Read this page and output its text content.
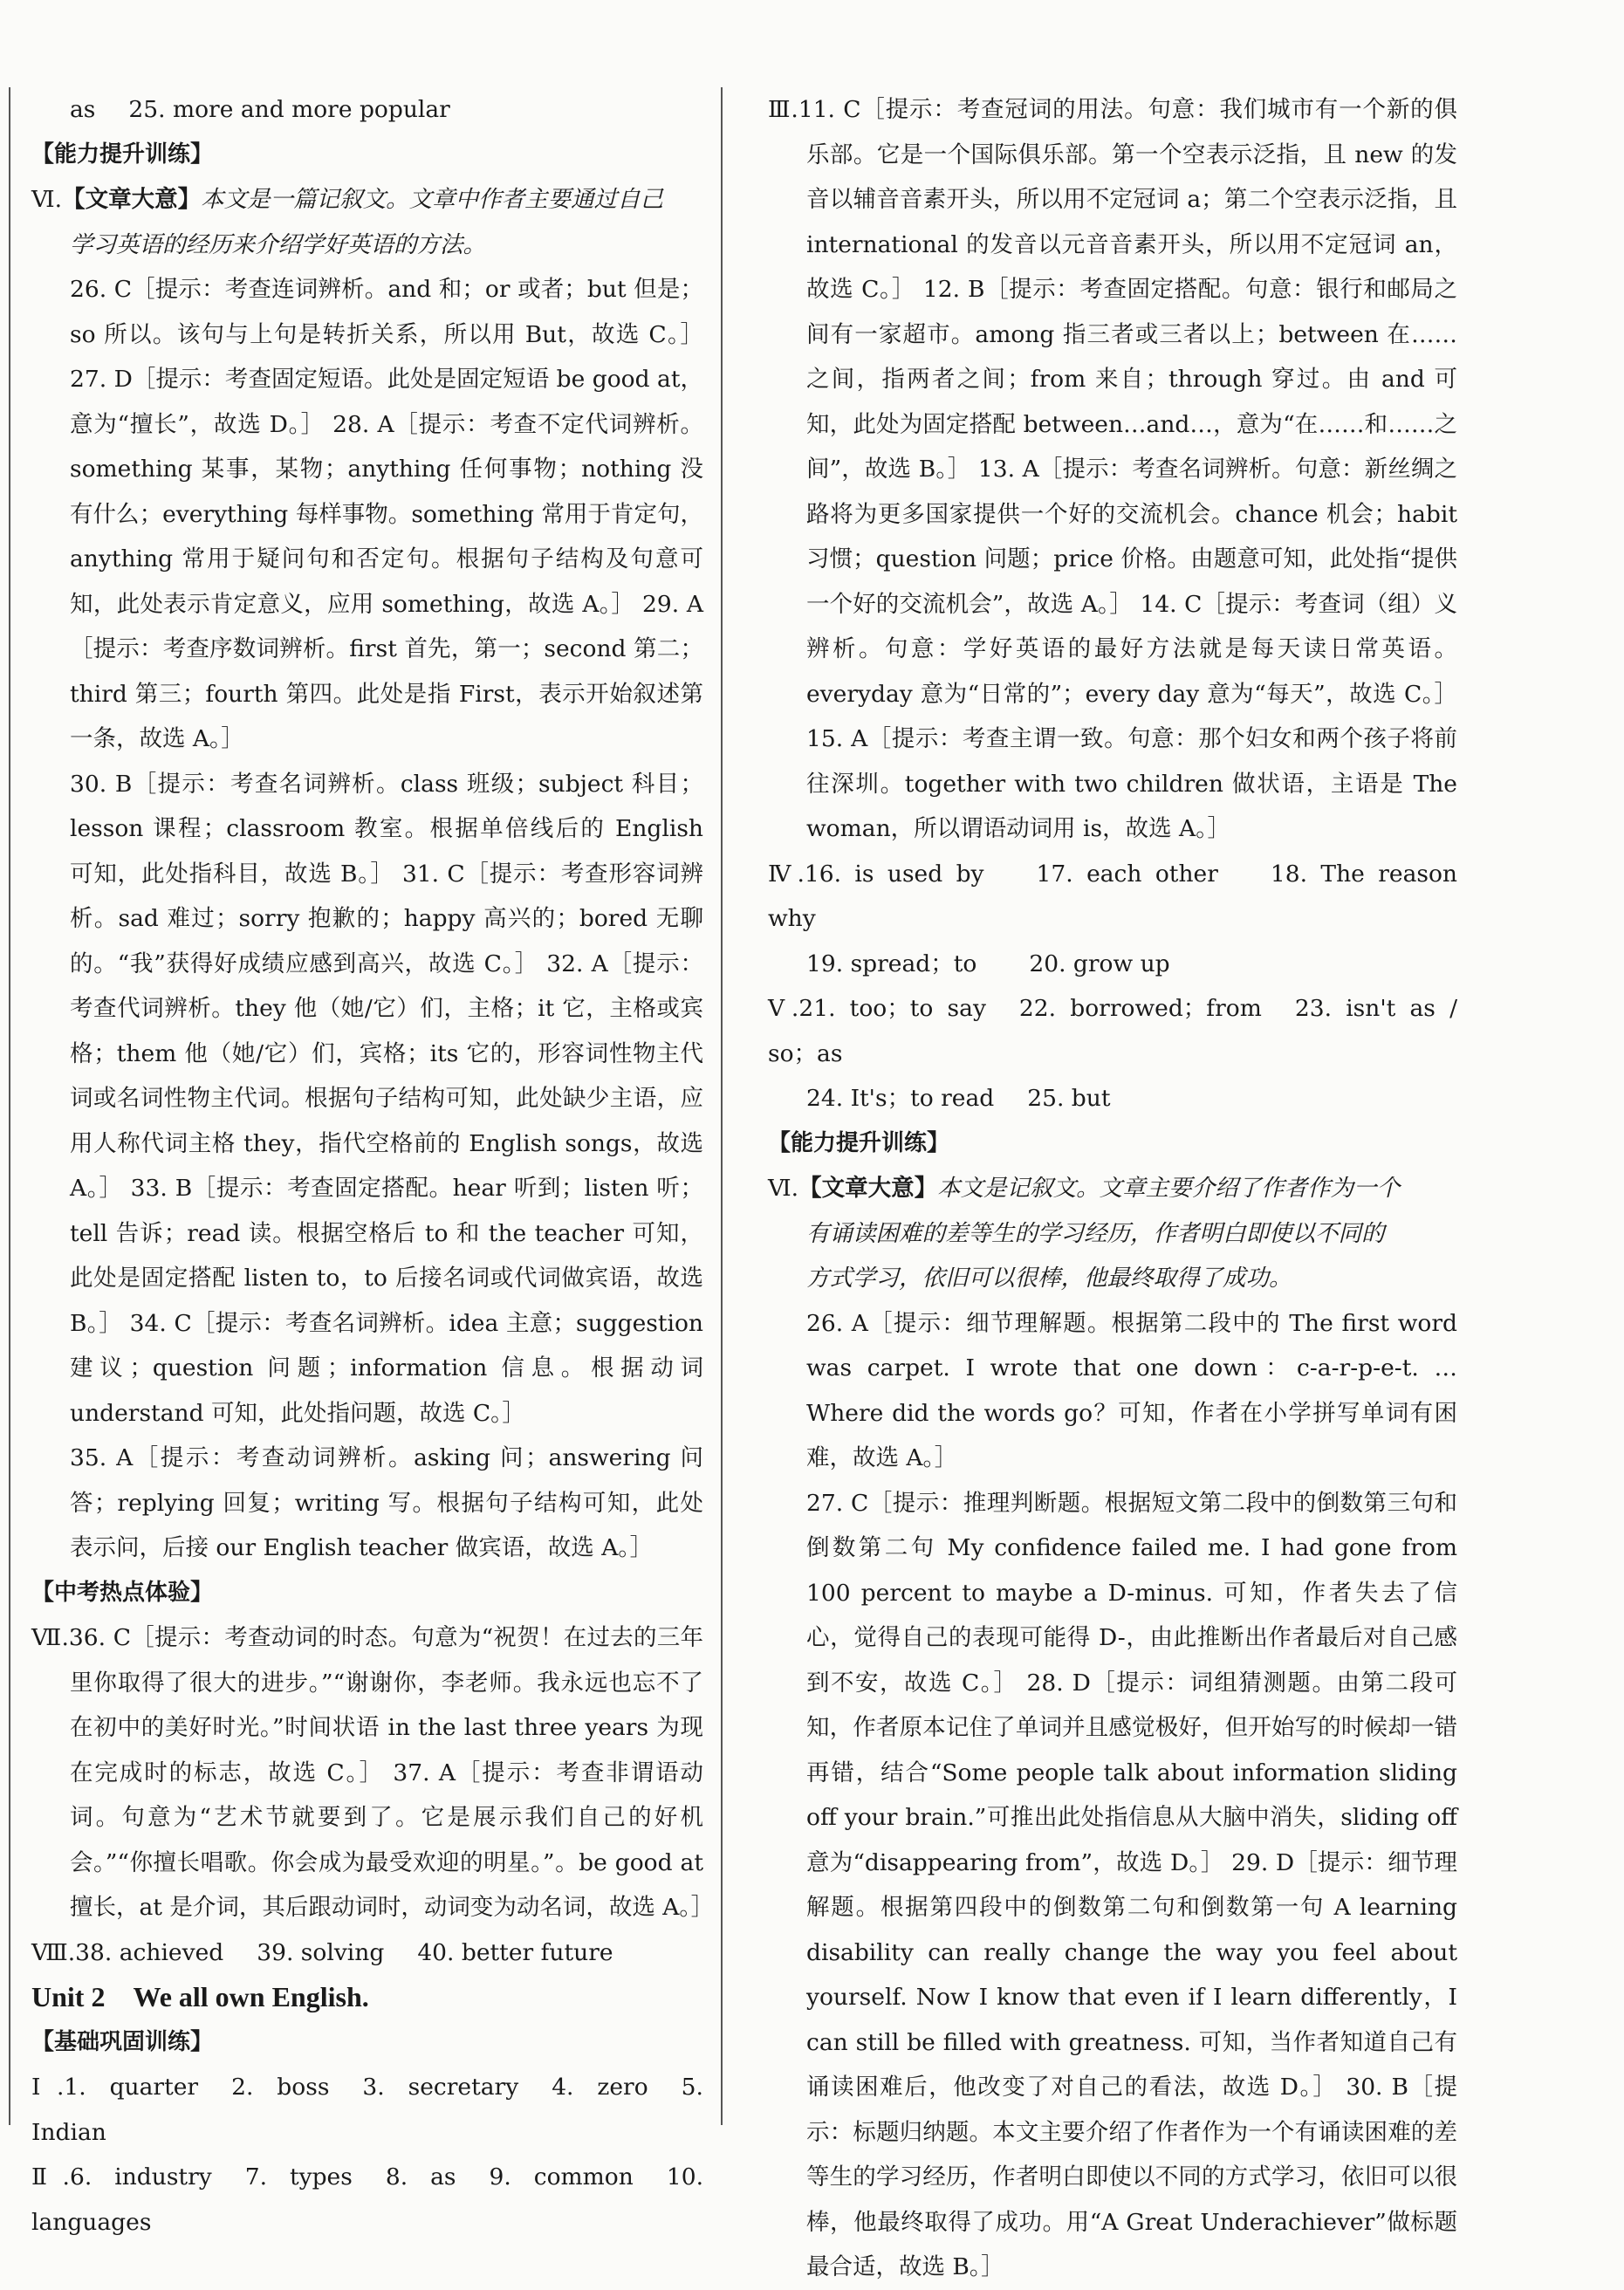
as 25. more and more popular

【能力提升训练】

Ⅵ.【文章大意】本文是一篇记叙文。文章中作者主要通过自己
学习英语的经历来介绍学好英语的方法。

26. C［提示：考查连词辨析。and 和；or 或者；but 但是；so 所以。该句与上句是转折关系，所以用 But，故选 C。］ 27. D［提示：考查固定短语。此处是固定短语 be good at，意为“擅长”，故选 D。］ 28. A［提示：考查不定代词辨析。something 某事，某物；anything 任何事物；nothing 没有什么；everything 每样事物。something 常用于肯定句，anything 常用于疑问句和否定句。根据句子结构及句意可知，此处表示肯定意义，应用 something，故选 A。］ 29. A［提示：考查序数词辨析。first 首先，第一；second 第二；third 第三；fourth 第四。此处是指 First，表示开始叙述第一条，故选 A。］

30. B［提示：考查名词辨析。class 班级；subject 科目；lesson 课程；classroom 教室。根据单倍线后的 English 可知，此处指科目，故选 B。］ 31. C［提示：考查形容词辨析。sad 难过；sorry 抱歉的；happy 高兴的；bored 无聊的。“我”获得好成绩应感到高兴，故选 C。］ 32. A［提示：考查代词辨析。they 他（她/它）们，主格；it 它，主格或宾格；them 他（她/它）们，宾格；its 它的，形容词性物主代词或名词性物主代词。根据句子结构可知，此处缺少主语，应用人称代词主格 they，指代空格前的 English songs，故选 A。］ 33. B［提示：考查固定搭配。hear 听到；listen 听；tell 告诉；read 读。根据空格后 to 和 the teacher 可知，此处是固定搭配 listen to，to 后接名词或代词做宾语，故选 B。］ 34. C［提示：考查名词辨析。idea 主意；suggestion 建议；question 问题；information 信息。根据动词 understand 可知，此处指问题，故选 C。］

35. A［提示：考查动词辨析。asking 问；answering 问答；replying 回复；writing 写。根据句子结构可知，此处表示问，后接 our English teacher 做宾语，故选 A。］

【中考热点体验】

Ⅶ.36. C［提示：考查动词的时态。句意为“祝贺！在过去的三年里你取得了很大的进步。”“谢谢你，李老师。我永远也忘不了在初中的美好时光。”时间状语 in the last three years 为现在完成时的标志，故选 C。］ 37. A［提示：考查非谓语动词。句意为“艺术节就要到了。它是展示我们自己的好机会。”“你擅长唱歌。你会成为最受欢迎的明星。”。be good at 擅长，at 是介词，其后跟动词时，动词变为动名词，故选 A。］

Ⅷ.38. achieved 39. solving 40. better future

Unit 2　We all own English.

【基础巩固训练】

Ⅰ.1. quarter 2. boss 3. secretary 4. zero 5. Indian

Ⅱ.6. industry 7. types 8. as 9. common 10. languages

Ⅲ.11. C［提示：考查冠词的用法。句意：我们城市有一个新的俱乐部。它是一个国际俱乐部。第一个空表示泛指，且 new 的发音以辅音音素开头，所以用不定冠词 a；第二个空表示泛指，且 international 的发音以元音音素开头，所以用不定冠词 an，故选 C。］ 12. B［提示：考查固定搭配。句意：银行和邮局之间有一家超市。among 指三者或三者以上；between 在……之间，指两者之间；from 来自；through 穿过。由 and 可知，此处为固定搭配 between…and…，意为“在……和……之间”，故选 B。］ 13. A［提示：考查名词辨析。句意：新丝绸之路将为更多国家提供一个好的交流机会。chance 机会；habit 习惯；question 问题；price 价格。由题意可知，此处指“提供一个好的交流机会”，故选 A。］ 14. C［提示：考查词（组）义辨析。句意：学好英语的最好方法就是每天读日常英语。everyday 意为“日常的”；every day 意为“每天”，故选 C。］ 15. A［提示：考查主谓一致。句意：那个妇女和两个孩子将前往深圳。together with two children 做状语，主语是 The woman，所以谓语动词用 is，故选 A。］

Ⅳ.16. is used by 17. each other 18. The reason why

19. spread；to 20. grow up

Ⅴ.21. too；to say 22. borrowed；from 23. isn't as / so；as

24. It's；to read 25. but

【能力提升训练】

Ⅵ.【文章大意】本文是记叙文。文章主要介绍了作者作为一个
有诵读困难的差等生的学习经历，作者明白即使以不同的
方式学习，依旧可以很棒，他最终取得了成功。

26. A［提示：细节理解题。根据第二段中的 The first word was carpet. I wrote that one down：c-a-r-p-e-t. …Where did the words go？可知，作者在小学拼写单词有困难，故选 A。］

27. C［提示：推理判断题。根据短文第二段中的倒数第三句和倒数第二句 My confidence failed me. I had gone from 100 percent to maybe a D-minus. 可知，作者失去了信心，觉得自己的表现可能得 D-，由此推断出作者最后对自己感到不安，故选 C。］ 28. D［提示：词组猜测题。由第二段可知，作者原本记住了单词并且感觉极好，但开始写的时候却一错再错，结合“Some people talk about information sliding off your brain.”可推出此处指信息从大脑中消失，sliding off 意为“disappearing from”，故选 D。］ 29. D［提示：细节理解题。根据第四段中的倒数第二句和倒数第一句 A learning disability can really change the way you feel about yourself. Now I know that even if I learn differently，I can still be filled with greatness. 可知，当作者知道自己有诵读困难后，他改变了对自己的看法，故选 D。］ 30. B［提示：标题归纳题。本文主要介绍了作者作为一个有诵读困难的差等生的学习经历，作者明白即使以不同的方式学习，依旧可以很棒，他最终取得了成功。用“A Great Underachiever”做标题最合适，故选 B。］
